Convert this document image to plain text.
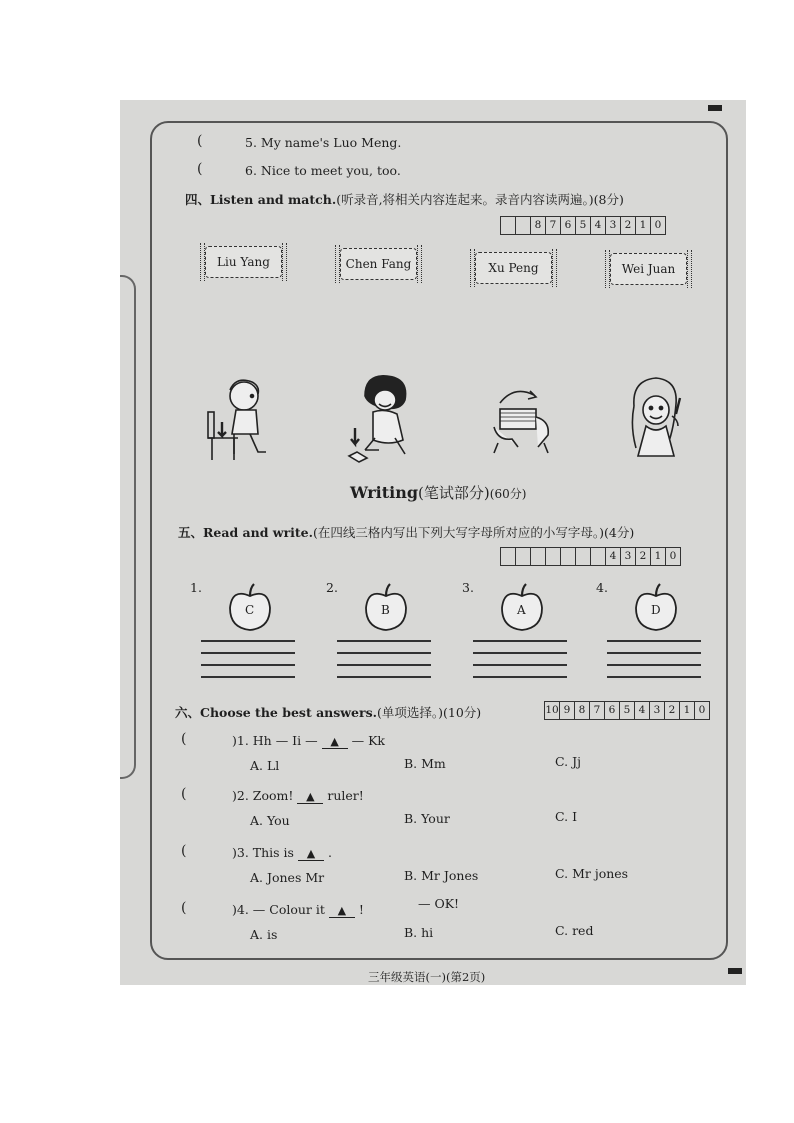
(	5. My name's Luo Meng.
(	6. Nice to meet you, too.
四、Listen and match.(听录音,将相关内容连起来。录音内容读两遍。)(8分)
8 7 6 5 4 3 2 1 0
Liu Yang	Chen Fang	Xu Peng	Wei Juan
Writing(笔试部分)(60分)
五、Read and write.(在四线三格内写出下列大写字母所对应的小写字母。)(4分)
4 3 2 1 0
1.
C
2.
B
3.
A
4.
D
六、Choose the best answers.(单项选择。)(10分)	10 9 8 7 6 5 4 3 2 1 0
(	)1. Hh — Ii — ▲ — Kk
A. Ll	B. Mm	C. Jj
(	)2. Zoom! ▲ ruler!
A. You	B. Your	C. I
(	)3. This is ▲ .
A. Jones Mr	B. Mr Jones	C. Mr jones
(	)4. — Colour it ▲ !	— OK!
A. is	B. hi	C. red
三年级英语(一)(第2页)
